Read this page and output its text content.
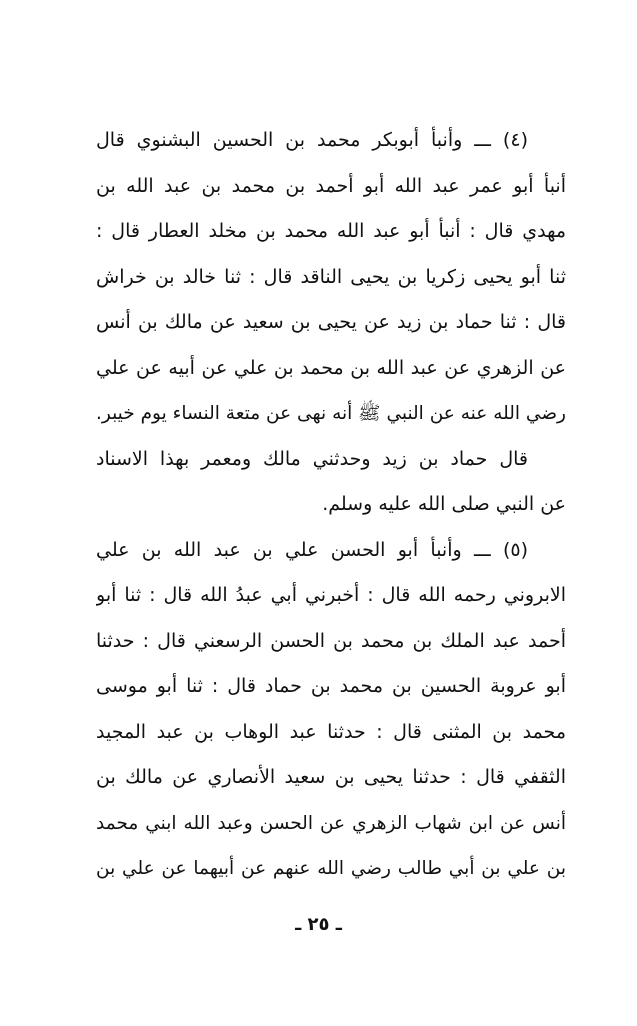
(٤) ـــ وأنبأ أبوبكر محمد بن الحسين البشنوي قال
أنبأ أبو عمر عبد الله أبو أحمد بن محمد بن عبد الله بن
مهدي قال : أنبأ أبو عبد الله محمد بن مخلد العطار قال :
ثنا أبو يحيى زكريا بن يحيى الناقد قال : ثنا خالد بن خراش
قال : ثنا حماد بن زيد عن يحيى بن سعيد عن مالك بن أنس
عن الزهري عن عبد الله بن محمد بن علي عن أبيه عن علي
رضي الله عنه عن النبي ﷺ أنه نهى عن متعة النساء يوم خيبر.
قال حماد بن زيد وحدثني مالك ومعمر بهذا الاسناد
عن النبي صلى الله عليه وسلم.
(٥) ـــ وأنبأ أبو الحسن علي بن عبد الله بن علي
الابروني رحمه الله قال : أخبرني أبي عبدُ الله قال : ثنا أبو
أحمد عبد الملك بن محمد بن الحسن الرسعني قال : حدثنا
أبو عروبة الحسين بن محمد بن حماد قال : ثنا أبو موسى
محمد بن المثنى قال : حدثنا عبد الوهاب بن عبد المجيد
الثقفي قال : حدثنا يحيى بن سعيد الأنصاري عن مالك بن
أنس عن ابن شهاب الزهري عن الحسن وعبد الله ابني محمد
بن علي بن أبي طالب رضي الله عنهم عن أبيهما عن علي بن
ـ ٢٥ ـ
